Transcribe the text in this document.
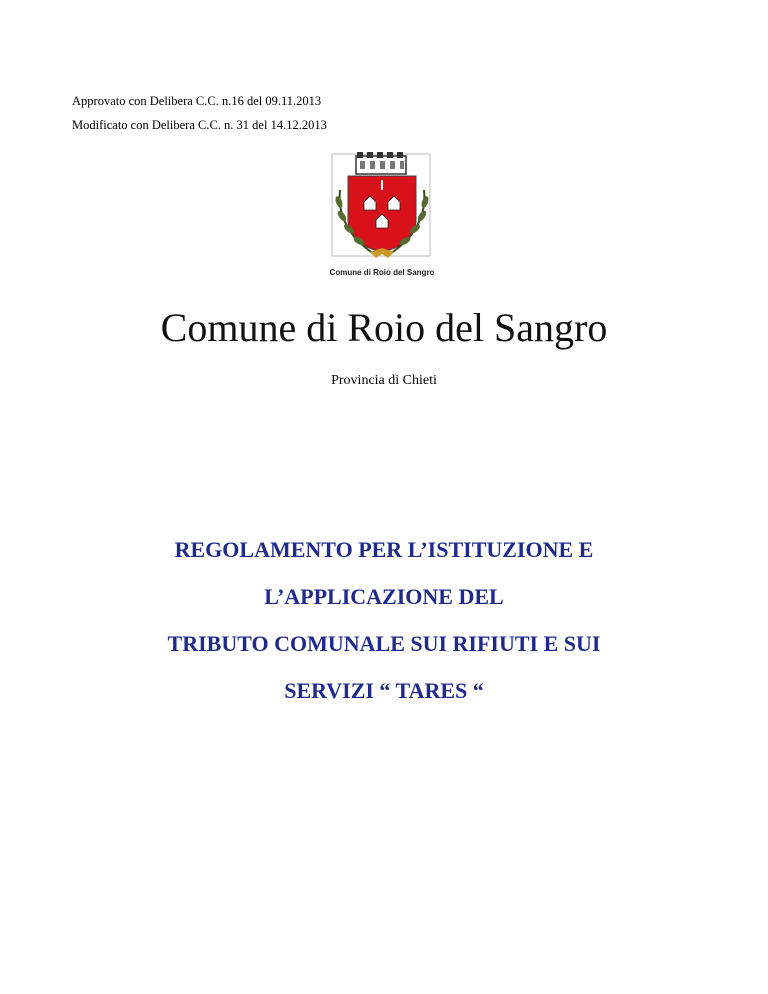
Approvato con Delibera C.C. n.16 del 09.11.2013
Modificato con Delibera C.C. n. 31 del 14.12.2013
Comune di Roio del Sangro
Comune di Roio del Sangro
Provincia di Chieti
REGOLAMENTO PER L’ISTITUZIONE E
L’APPLICAZIONE DEL
TRIBUTO COMUNALE SUI RIFIUTI E SUI
SERVIZI “ TARES “
